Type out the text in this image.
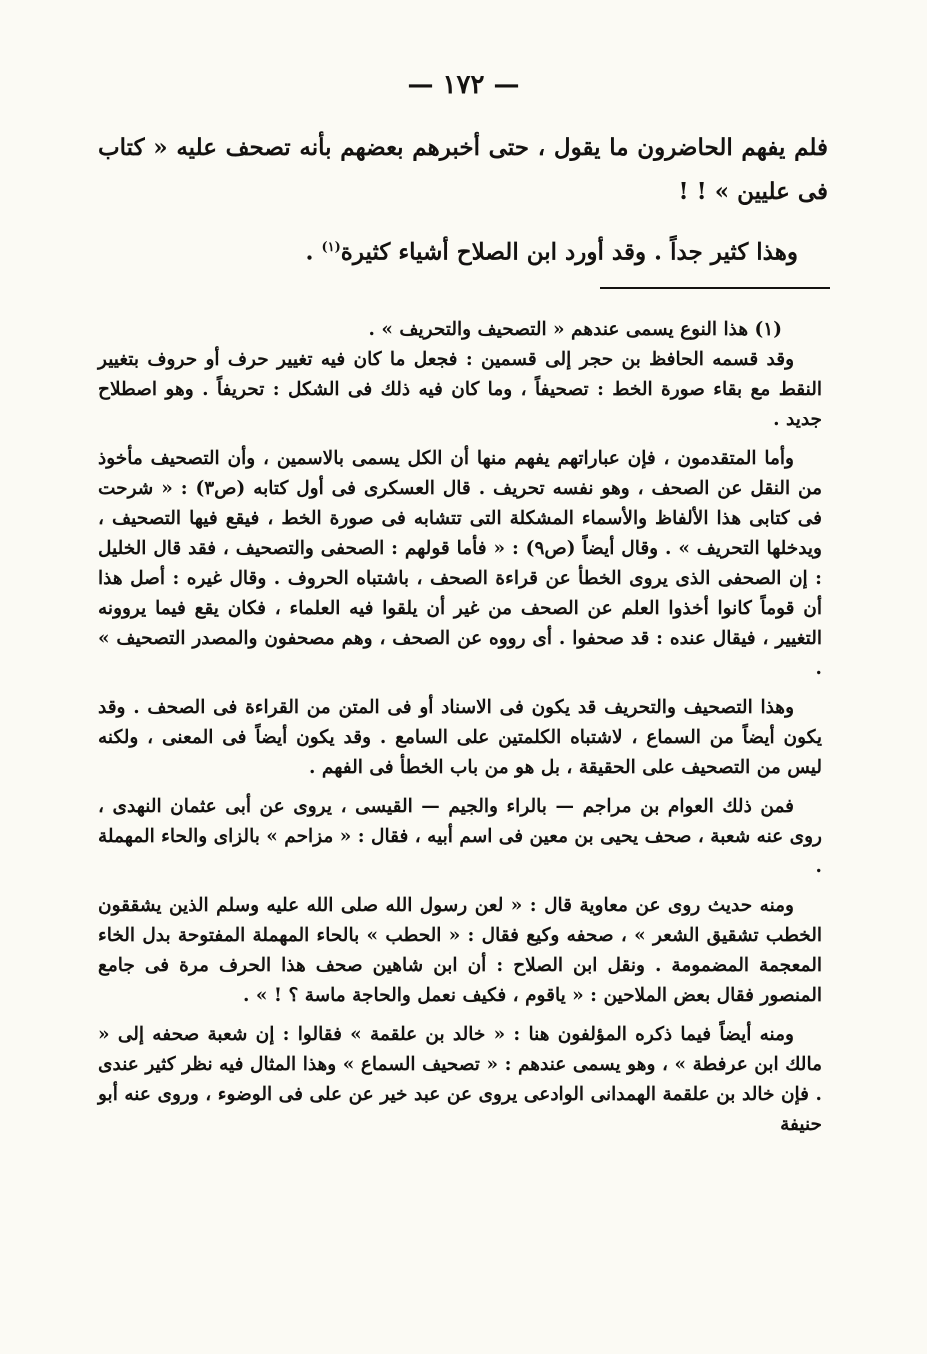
— ١٧٢ —

فلم يفهم الحاضرون ما يقول ، حتى أخبرهم بعضهم بأنه تصحف عليه « كتاب فى عليين » ! !

وهذا كثير جداً . وقد أورد ابن الصلاح أشياء كثيرة$^{(١)}$ .

(١) هذا النوع يسمى عندهم « التصحيف والتحريف » .

وقد قسمه الحافظ بن حجر إلى قسمين : فجعل ما كان فيه تغيير حرف أو حروف بتغيير النقط مع بقاء صورة الخط : تصحيفاً ، وما كان فيه ذلك فى الشكل : تحريفاً . وهو اصطلاح جديد .

وأما المتقدمون ، فإن عباراتهم يفهم منها أن الكل يسمى بالاسمين ، وأن التصحيف مأخوذ من النقل عن الصحف ، وهو نفسه تحريف . قال العسكرى فى أول كتابه (ص٣) : « شرحت فى كتابى هذا الألفاظ والأسماء المشكلة التى تتشابه فى صورة الخط ، فيقع فيها التصحيف ، ويدخلها التحريف » . وقال أيضاً (ص٩) : « فأما قولهم : الصحفى والتصحيف ، فقد قال الخليل : إن الصحفى الذى يروى الخطأ عن قراءة الصحف ، باشتباه الحروف . وقال غيره : أصل هذا أن قوماً كانوا أخذوا العلم عن الصحف من غير أن يلقوا فيه العلماء ، فكان يقع فيما يروونه التغيير ، فيقال عنده : قد صحفوا . أى رووه عن الصحف ، وهم مصحفون والمصدر التصحيف » .

وهذا التصحيف والتحريف قد يكون فى الاسناد أو فى المتن من القراءة فى الصحف . وقد يكون أيضاً من السماع ، لاشتباه الكلمتين على السامع . وقد يكون أيضاً فى المعنى ، ولكنه ليس من التصحيف على الحقيقة ، بل هو من باب الخطأ فى الفهم .

فمن ذلك العوام بن مراجم — بالراء والجيم — القيسى ، يروى عن أبى عثمان النهدى ، روى عنه شعبة ، صحف يحيى بن معين فى اسم أبيه ، فقال : « مزاحم » بالزاى والحاء المهملة .

ومنه حديث روى عن معاوية قال : « لعن رسول الله صلى الله عليه وسلم الذين يشققون الخطب تشقيق الشعر » ، صحفه وكيع فقال : « الحطب » بالحاء المهملة المفتوحة بدل الخاء المعجمة المضمومة . ونقل ابن الصلاح : أن ابن شاهين صحف هذا الحرف مرة فى جامع المنصور فقال بعض الملاحين : « ياقوم ، فكيف نعمل والحاجة ماسة ؟ ! » .

ومنه أيضاً فيما ذكره المؤلفون هنا : « خالد بن علقمة » فقالوا : إن شعبة صحفه إلى « مالك ابن عرفطة » ، وهو يسمى عندهم : « تصحيف السماع » وهذا المثال فيه نظر كثير عندى . فإن خالد بن علقمة الهمدانى الوادعى يروى عن عبد خير عن على فى الوضوء ، وروى عنه أبو حنيفة
